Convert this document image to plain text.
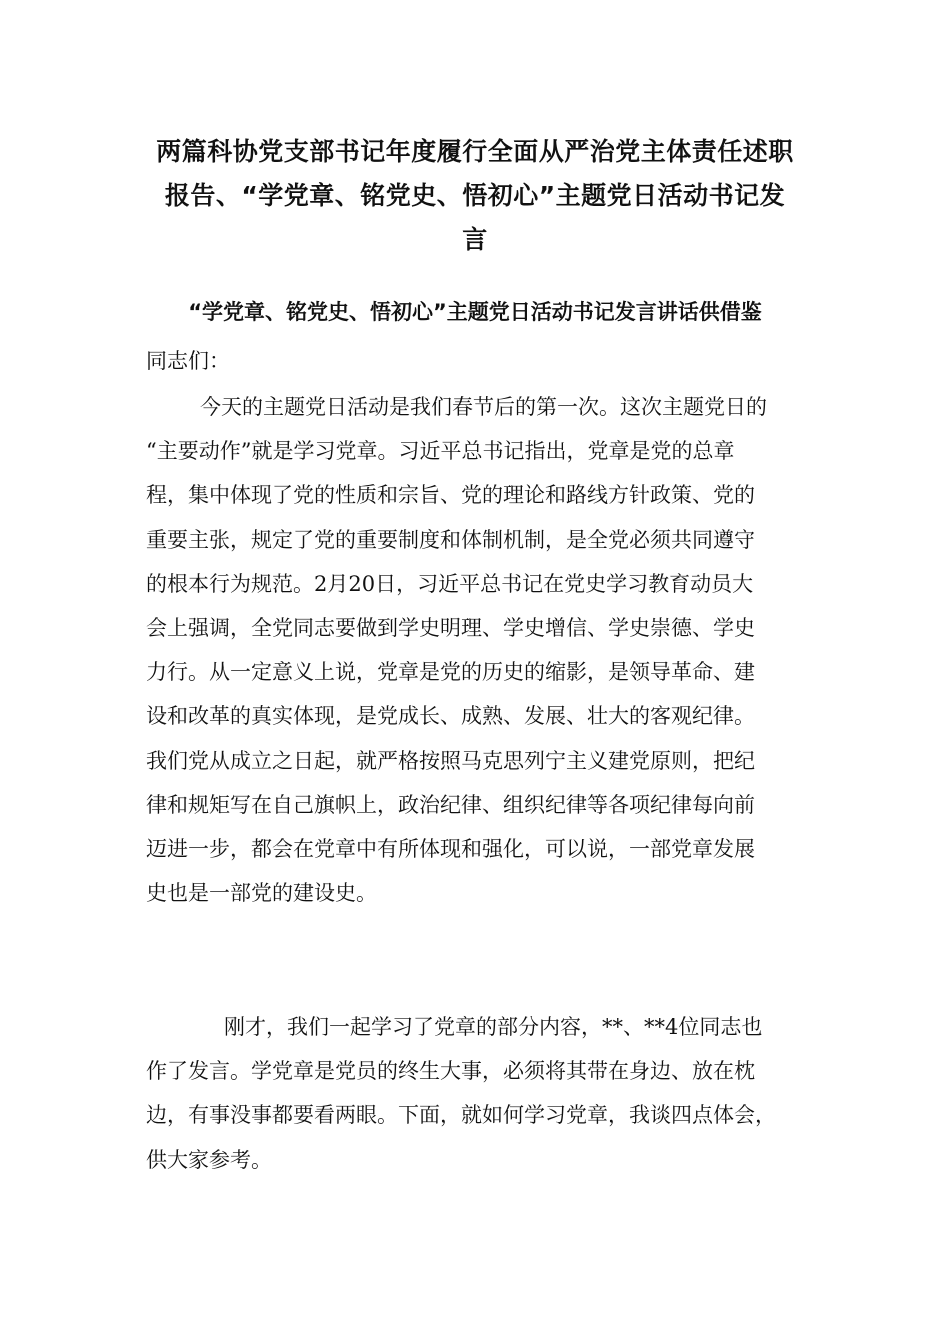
两篇科协党支部书记年度履行全面从严治党主体责任述职
报告、“学党章、铭党史、悟初心”主题党日活动书记发
言
“学党章、铭党史、悟初心”主题党日活动书记发言讲话供借鉴
同志们：
今天的主题党日活动是我们春节后的第一次。这次主题党日的
“主要动作”就是学习党章。习近平总书记指出，党章是党的总章
程，集中体现了党的性质和宗旨、党的理论和路线方针政策、党的
重要主张，规定了党的重要制度和体制机制，是全党必须共同遵守
的根本行为规范。2月20日，习近平总书记在党史学习教育动员大
会上强调，全党同志要做到学史明理、学史增信、学史崇德、学史
力行。从一定意义上说，党章是党的历史的缩影，是领导革命、建
设和改革的真实体现，是党成长、成熟、发展、壮大的客观纪律。
我们党从成立之日起，就严格按照马克思列宁主义建党原则，把纪
律和规矩写在自己旗帜上，政治纪律、组织纪律等各项纪律每向前
迈进一步，都会在党章中有所体现和强化，可以说，一部党章发展
史也是一部党的建设史。
刚才，我们一起学习了党章的部分内容，**、**4位同志也
作了发言。学党章是党员的终生大事，必须将其带在身边、放在枕
边，有事没事都要看两眼。下面，就如何学习党章，我谈四点体会，
供大家参考。
